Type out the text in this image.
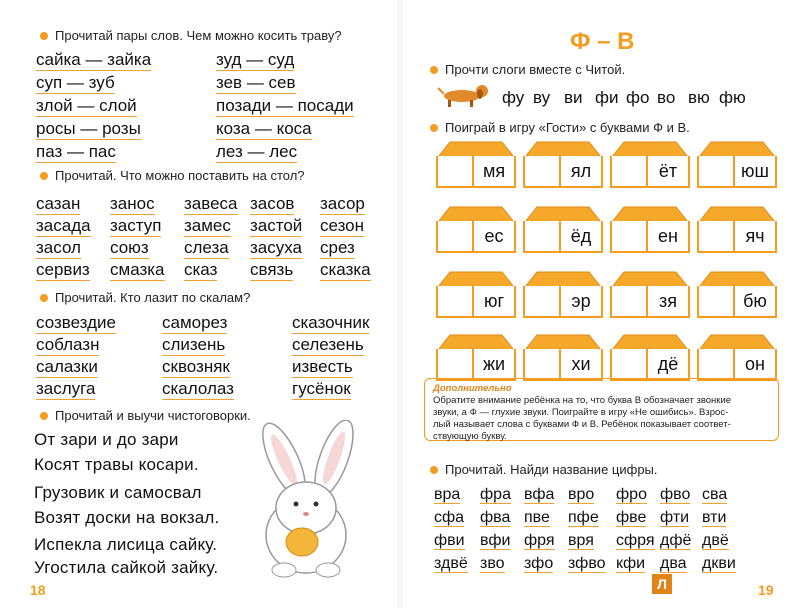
Прочитай пары слов. Чем можно косить траву?
сайка — зайка
суп — зуб
злой — слой
росы — розы
паз — пас
зуд — суд
зев — сев
позади — посади
коза — коса
лез — лес
Прочитай. Что можно поставить на стол?
сазан занос завеса засов засор
засада заступ замес застой сезон
засол союз слеза засуха срез
сервиз смазка сказ связь сказка
Прочитай. Кто лазит по скалам?
созвездие	саморез	сказочник
соблазн	слизень	селезень
салазки	сквозняк	известь
заслуга	скалолаз	гусёнок
Прочитай и выучи чистоговорки.
От зари и до зари
Косят травы косари.
Грузовик и самосвал
Возят доски на вокзал.
Испекла лисица сайку.
Угостила сайкой зайку.
18
Ф – В
Прочти слоги вместе с Читой.
фу ву ви фи фо во вю фю
Поиграй в игру «Гости» с буквами Ф и В.
мя	ял	ёт	юш
ес	ёд	ен	яч
юг	эр	зя	бю
жи	хи	дё	он
Дополнительно
Обратите внимание ребёнка на то, что буква В обозначает звонкие
звуки, а Ф — глухие звуки. Поиграйте в игру «Не ошибись». Взрос-
лый называет слова с буквами Ф и В. Ребёнок показывает соответ-
ствующую букву.
Прочитай. Найди название цифры.
вра фра вфа вро фро фво сва
сфа фва пве пфе фве фти вти
фви вфи фря вря сфря дфё двё
здвё зво зфо зфво кфи два дкви
19
Л
